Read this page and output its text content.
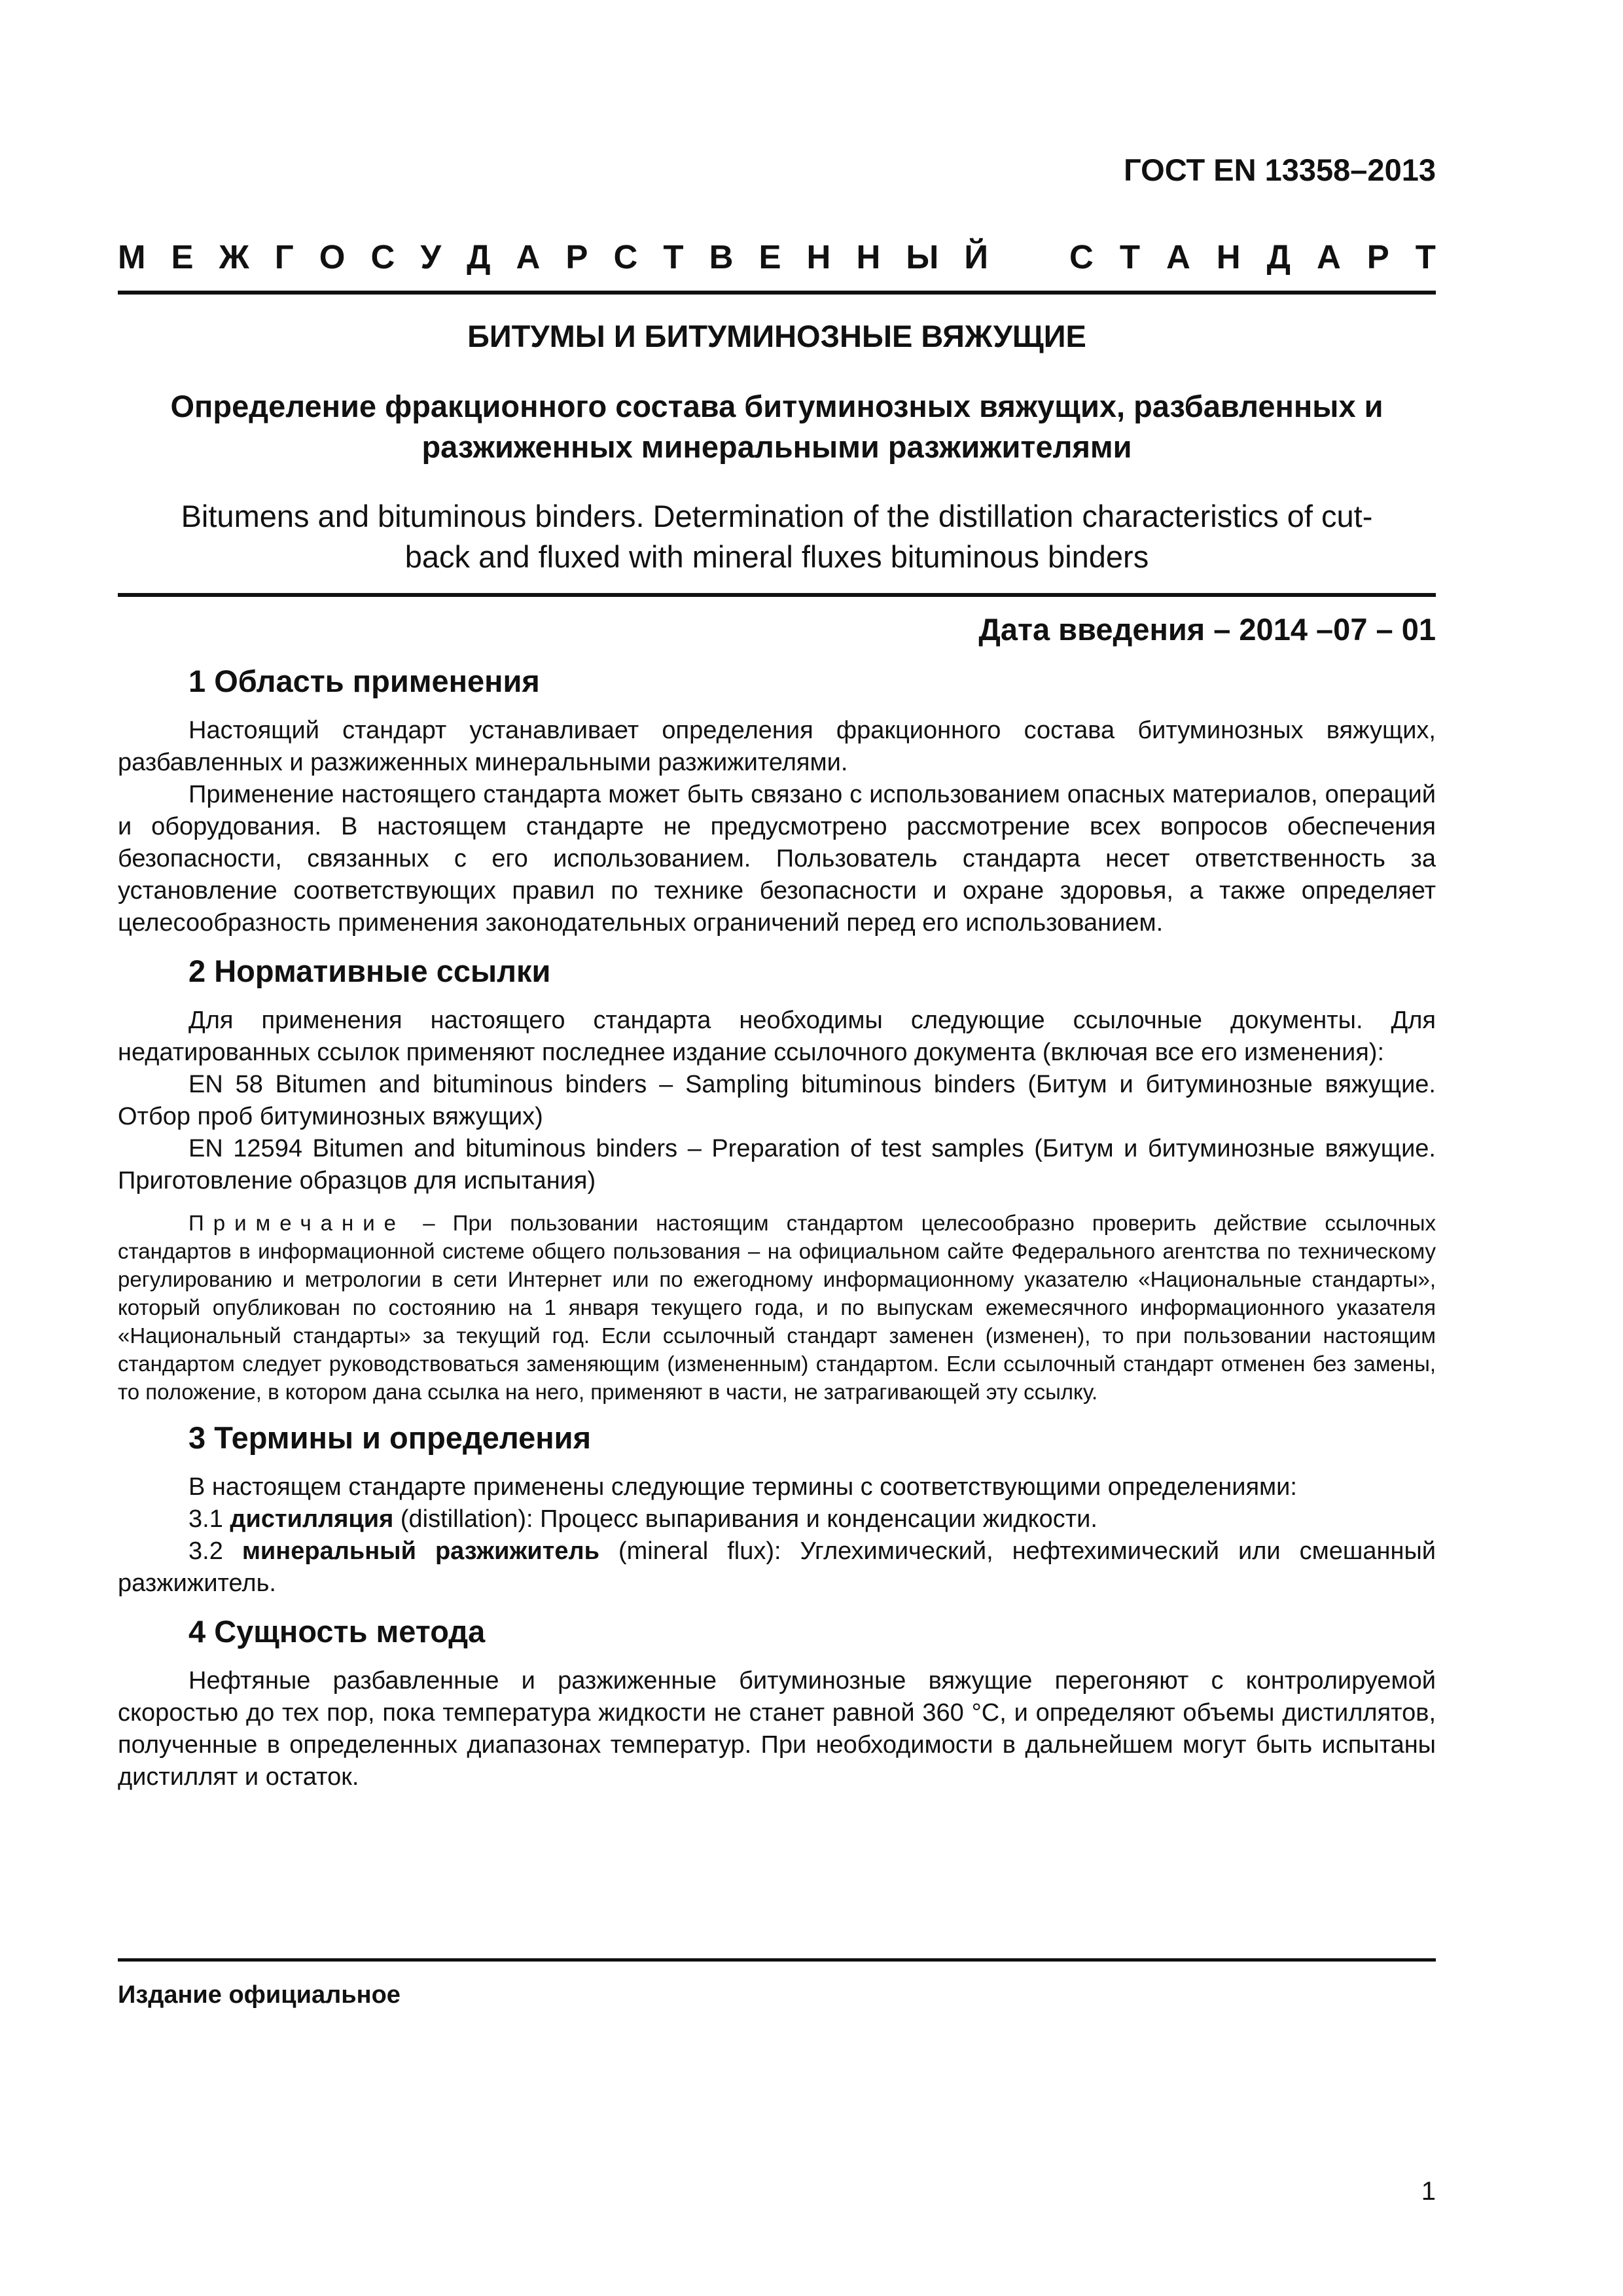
ГОСТ EN 13358–2013
М Е Ж Г О С У Д А Р С Т В Е Н Н Ы Й С Т А Н Д А Р Т
БИТУМЫ И БИТУМИНОЗНЫЕ ВЯЖУЩИЕ
Определение фракционного состава битуминозных вяжущих, разбавленных и
разжиженных минеральными разжижителями
Bitumens and bituminous binders. Determination of the distillation characteristics of cut-
back and fluxed with mineral fluxes bituminous binders
Дата введения – 2014 –07 – 01
1 Область применения

Настоящий стандарт устанавливает определения фракционного состава битуминозных вяжущих, разбавленных и разжиженных минеральными разжижителями.

Применение настоящего стандарта может быть связано с использованием опасных материалов, операций и оборудования. В настоящем стандарте не предусмотрено рассмотрение всех вопросов обеспечения безопасности, связанных с его использованием. Пользователь стандарта несет ответственность за установление соответствующих правил по технике безопасности и охране здоровья, а также определяет целесообразность применения законодательных ограничений перед его использованием.

2 Нормативные ссылки

Для применения настоящего стандарта необходимы следующие ссылочные документы. Для недатированных ссылок применяют последнее издание ссылочного документа (включая все его изменения):

EN 58 Bitumen and bituminous binders – Sampling bituminous binders (Битум и битуминозные вяжущие. Отбор проб битуминозных вяжущих)

EN 12594 Bitumen and bituminous binders – Preparation of test samples (Битум и битуминозные вяжущие. Приготовление образцов для испытания)

Примечание – При пользовании настоящим стандартом целесообразно проверить действие ссылочных стандартов в информационной системе общего пользования – на официальном сайте Федерального агентства по техническому регулированию и метрологии в сети Интернет или по ежегодному информационному указателю «Национальные стандарты», который опубликован по состоянию на 1 января текущего года, и по выпускам ежемесячного информационного указателя «Национальный стандарты» за текущий год. Если ссылочный стандарт заменен (изменен), то при пользовании настоящим стандартом следует руководствоваться заменяющим (измененным) стандартом. Если ссылочный стандарт отменен без замены, то положение, в котором дана ссылка на него, применяют в части, не затрагивающей эту ссылку.

3 Термины и определения

В настоящем стандарте применены следующие термины с соответствующими определениями:

3.1 дистилляция (distillation): Процесс выпаривания и конденсации жидкости.

3.2 минеральный разжижитель (mineral flux): Углехимический, нефтехимический или смешанный разжижитель.

4 Сущность метода

Нефтяные разбавленные и разжиженные битуминозные вяжущие перегоняют с контролируемой скоростью до тех пор, пока температура жидкости не станет равной 360 °С, и определяют объемы дистиллятов, полученные в определенных диапазонах температур. При необходимости в дальнейшем могут быть испытаны дистиллят и остаток.

Издание официальное
1
